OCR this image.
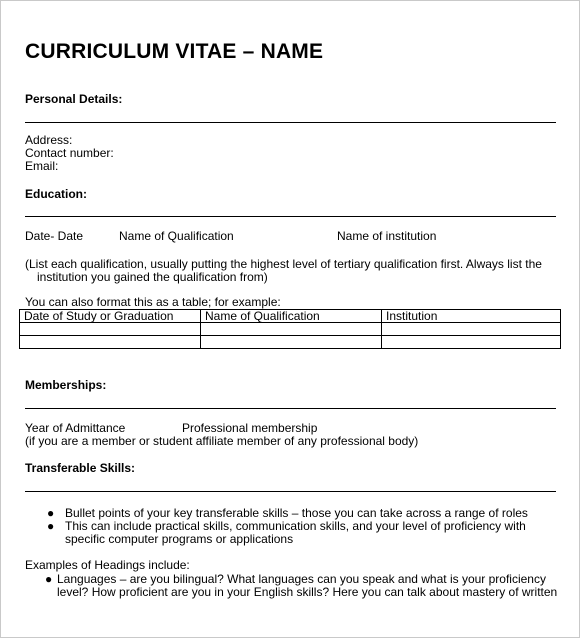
CURRICULUM VITAE – NAME
Personal Details:
Address:
Contact number:
Email:
Education:
Date- Date	Name of Qualification	Name of institution
(List each qualification, usually putting the highest level of tertiary qualification first. Always list the
institution you gained the qualification from)
You can also format this as a table; for example:
Date of Study or Graduation	Name of Qualification	Institution

Memberships:
Year of Admittance	Professional membership
(if you are a member or student affiliate member of any professional body)
Transferable Skills:
● Bullet points of your key transferable skills – those you can take across a range of roles
● This can include practical skills, communication skills, and your level of proficiency with specific computer programs or applications
Examples of Headings include:
● Languages – are you bilingual? What languages can you speak and what is your proficiency level? How proficient are you in your English skills? Here you can talk about mastery of written
